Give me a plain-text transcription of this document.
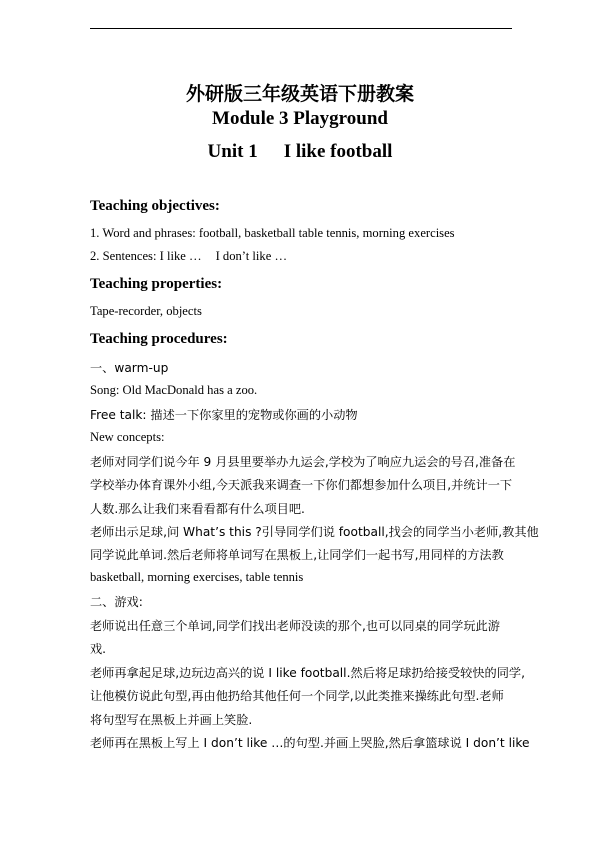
外研版三年级英语下册教案
Module 3 Playground
Unit 1 I like football
Teaching objectives:
1. Word and phrases: football, basketball table tennis, morning exercises
2. Sentences: I like … I don’t like …
Teaching properties:
Tape-recorder, objects
Teaching procedures:
一、warm-up
Song: Old MacDonald has a zoo.
Free talk: 描述一下你家里的宠物或你画的小动物
New concepts:
老师对同学们说今年 9 月县里要举办九运会,学校为了响应九运会的号召,准备在
学校举办体育课外小组,今天派我来调查一下你们都想参加什么项目,并统计一下
人数.那么让我们来看看都有什么项目吧.
老师出示足球,问 What’s this ?引导同学们说 football,找会的同学当小老师,教其他
同学说此单词.然后老师将单词写在黑板上,让同学们一起书写,用同样的方法教
basketball, morning exercises, table tennis
二、游戏:
老师说出任意三个单词,同学们找出老师没读的那个,也可以同桌的同学玩此游
戏.
老师再拿起足球,边玩边高兴的说 I like football.然后将足球扔给接受较快的同学,
让他模仿说此句型,再由他扔给其他任何一个同学,以此类推来操练此句型.老师
将句型写在黑板上并画上笑脸.
老师再在黑板上写上 I don’t like …的句型.并画上哭脸,然后拿篮球说 I don’t like
